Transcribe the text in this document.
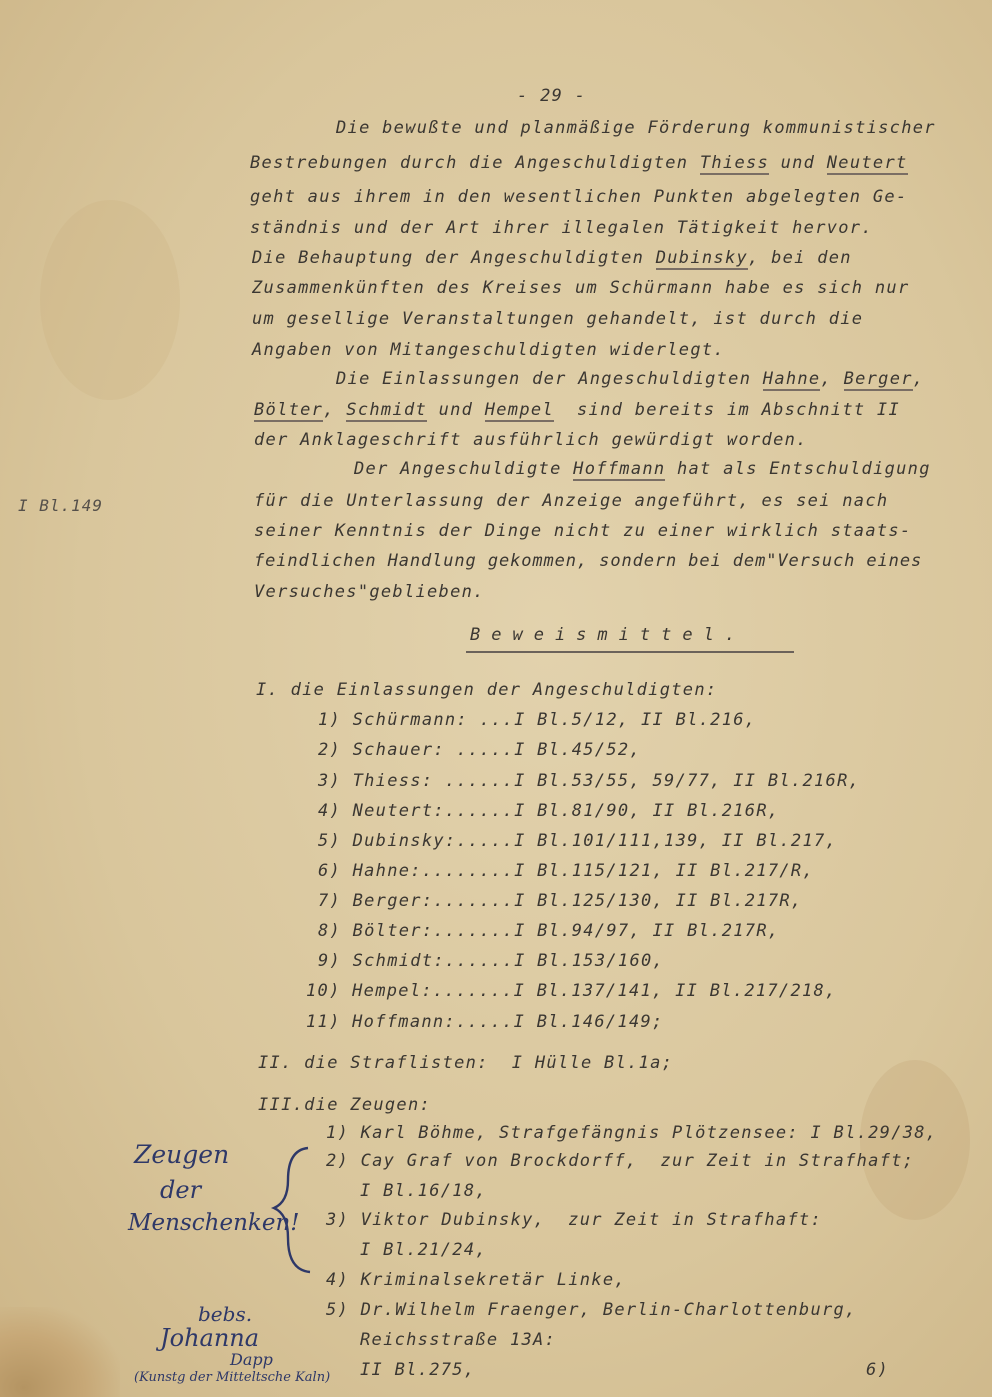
- 29 -
I Bl.149
Die bewußte und planmäßige Förderung kommunistischer
Bestrebungen durch die Angeschuldigten Thiess und Neutert
geht aus ihrem in den wesentlichen Punkten abgelegten Ge-
ständnis und der Art ihrer illegalen Tätigkeit hervor.
Die Behauptung der Angeschuldigten Dubinsky, bei den
Zusammenkünften des Kreises um Schürmann habe es sich nur
um gesellige Veranstaltungen gehandelt, ist durch die
Angaben von Mitangeschuldigten widerlegt.
Die Einlassungen der Angeschuldigten Hahne, Berger,
Bölter, Schmidt und Hempel  sind bereits im Abschnitt II
der Anklageschrift ausführlich gewürdigt worden.
Der Angeschuldigte Hoffmann hat als Entschuldigung
für die Unterlassung der Anzeige angeführt, es sei nach
seiner Kenntnis der Dinge nicht zu einer wirklich staats-
feindlichen Handlung gekommen, sondern bei dem"Versuch eines
Versuches"geblieben.
Beweismittel.
I. die Einlassungen der Angeschuldigten:
1) Schürmann: ...I Bl.5/12, II Bl.216,
2) Schauer: .....I Bl.45/52,
3) Thiess: ......I Bl.53/55, 59/77, II Bl.216R,
4) Neutert:......I Bl.81/90, II Bl.216R,
5) Dubinsky:.....I Bl.101/111,139, II Bl.217,
6) Hahne:........I Bl.115/121, II Bl.217/R,
7) Berger:.......I Bl.125/130, II Bl.217R,
8) Bölter:.......I Bl.94/97, II Bl.217R,
9) Schmidt:......I Bl.153/160,
10) Hempel:.......I Bl.137/141, II Bl.217/218,
11) Hoffmann:.....I Bl.146/149;
II. die Straflisten:  I Hülle Bl.1a;
III.die Zeugen:
1) Karl Böhme, Strafgefängnis Plötzensee: I Bl.29/38,
2) Cay Graf von Brockdorff,  zur Zeit in Strafhaft;
I Bl.16/18,
3) Viktor Dubinsky,  zur Zeit in Strafhaft:
I Bl.21/24,
4) Kriminalsekretär Linke,
5) Dr.Wilhelm Fraenger, Berlin-Charlottenburg,
Reichsstraße 13A:
II Bl.275,	6)
Zeugen
der
Menschenken!
bebs.
Johanna
Dapp
(Kunstg der Mitteltsche Kaln)
